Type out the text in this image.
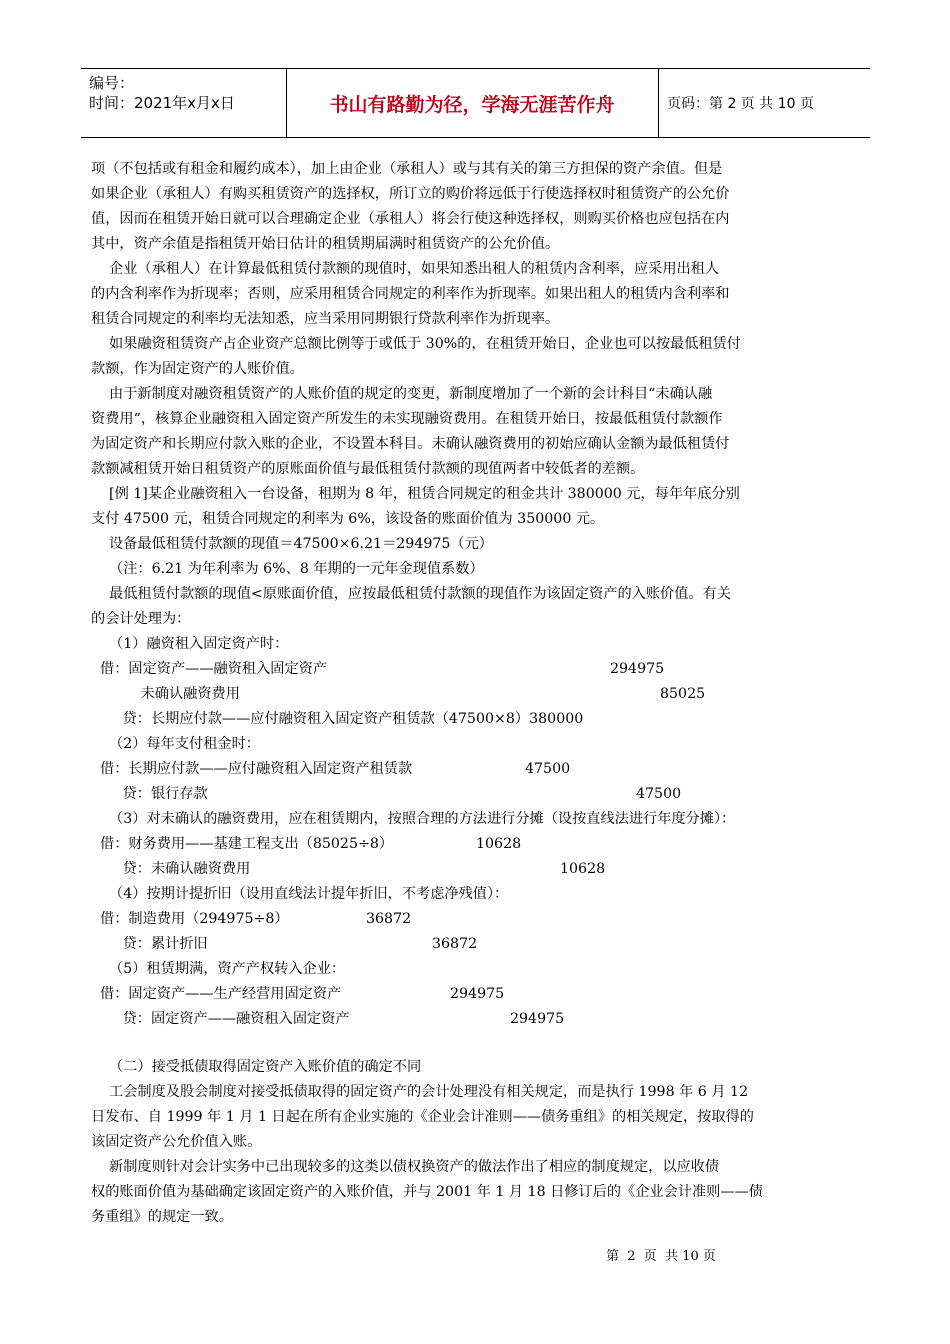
编号：
时间：2021年x月x日	书山有路勤为径，学海无涯苦作舟	页码：第 2 页 共 10 页
项（不包括或有租金和履约成本），加上由企业（承租人）或与其有关的第三方担保的资产余值。但是
如果企业（承租人）有购买租赁资产的选择权，所订立的购价将远低于行使选择权时租赁资产的公允价
值，因而在租赁开始日就可以合理确定企业（承租人）将会行使这种选择权，则购买价格也应包括在内
其中，资产余值是指租赁开始日估计的租赁期届满时租赁资产的公允价值。
企业（承租人）在计算最低租赁付款额的现值时，如果知悉出租人的租赁内含利率，应采用出租人
的内含利率作为折现率；否则，应采用租赁合同规定的利率作为折现率。如果出租人的租赁内含利率和
租赁合同规定的利率均无法知悉，应当采用同期银行贷款利率作为折现率。
如果融资租赁资产占企业资产总额比例等于或低于 30%的，在租赁开始日，企业也可以按最低租赁付
款额，作为固定资产的人账价值。
由于新制度对融资租赁资产的人账价值的规定的变更，新制度增加了一个新的会计科目“未确认融
资费用“，核算企业融资租入固定资产所发生的未实现融资费用。在租赁开始日，按最低租赁付款额作
为固定资产和长期应付款入账的企业，不设置本科目。未确认融资费用的初始应确认金额为最低租赁付
款额减租赁开始日租赁资产的原账面价值与最低租赁付款额的现值两者中较低者的差额。
[例 1]某企业融资租入一台设备，租期为 8 年，租赁合同规定的租金共计 380000 元，每年年底分别
支付 47500 元，租赁合同规定的利率为 6%，该设备的账面价值为 350000 元。
设备最低租赁付款额的现值＝47500×6.21＝294975（元）
（注：6.21 为年利率为 6%、8 年期的一元年金现值系数）
最低租赁付款额的现值<原账面价值，应按最低租赁付款额的现值作为该固定资产的入账价值。有关
的会计处理为：
（1）融资租入固定资产时：
借：固定资产——融资租入固定资产	294975
未确认融资费用	85025
贷：长期应付款——应付融资租入固定资产租赁款（47500×8）380000
（2）每年支付租金时：
借：长期应付款——应付融资租入固定资产租赁款	47500
贷：银行存款	47500
（3）对未确认的融资费用，应在租赁期内，按照合理的方法进行分摊（设按直线法进行年度分摊）：
借：财务费用——基建工程支出（85025÷8）	10628
贷：未确认融资费用	10628
（4）按期计提折旧（设用直线法计提年折旧，不考虑净残值）：
借：制造费用（294975÷8）	36872
贷：累计折旧	36872
（5）租赁期满，资产产权转入企业：
借：固定资产——生产经营用固定资产	294975
贷：固定资产——融资租入固定资产	294975
（二）接受抵债取得固定资产入账价值的确定不同
工会制度及股会制度对接受抵债取得的固定资产的会计处理没有相关规定，而是执行 1998 年 6 月 12
日发布、自 1999 年 1 月 1 日起在所有企业实施的《企业会计准则——债务重组》的相关规定，按取得的
该固定资产公允价值入账。
新制度则针对会计实务中已出现较多的这类以债权换资产的做法作出了相应的制度规定，以应收债
权的账面价值为基础确定该固定资产的入账价值，并与 2001 年 1 月 18 日修订后的《企业会计准则——债
务重组》的规定一致。
第  2  页  共 10 页
